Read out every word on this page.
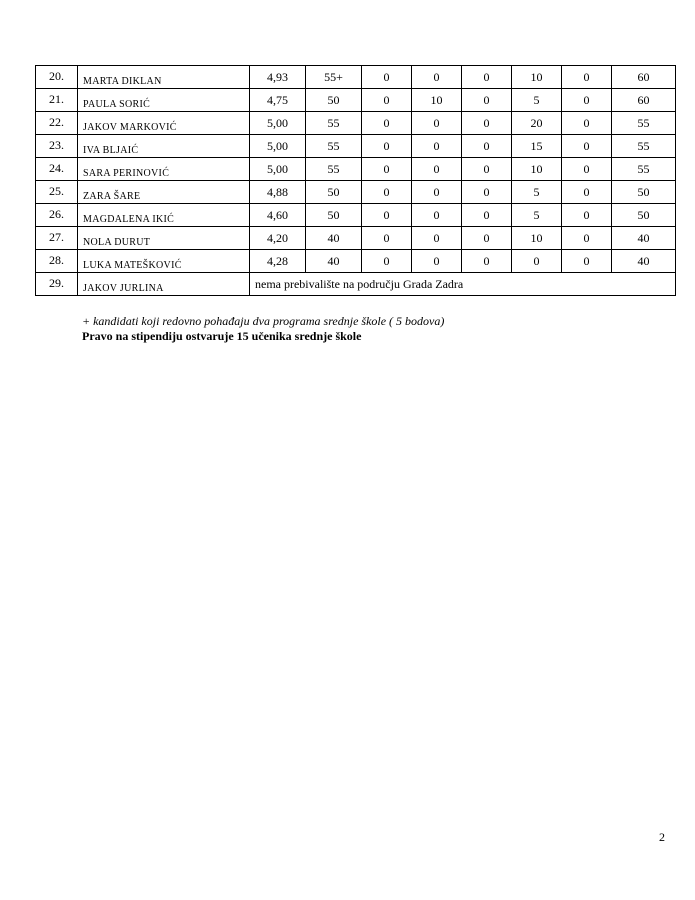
20.	MARTA DIKLAN	4,93	55+	0	0	0	10	0	60
21.	PAULA SORIĆ	4,75	50	0	10	0	5	0	60
22.	JAKOV MARKOVIĆ	5,00	55	0	0	0	20	0	55
23.	IVA BLJAIĆ	5,00	55	0	0	0	15	0	55
24.	SARA PERINOVIĆ	5,00	55	0	0	0	10	0	55
25.	ZARA ŠARE	4,88	50	0	0	0	5	0	50
26.	MAGDALENA IKIĆ	4,60	50	0	0	0	5	0	50
27.	NOLA DURUT	4,20	40	0	0	0	10	0	40
28.	LUKA MATEŠKOVIĆ	4,28	40	0	0	0	0	0	40
29.	JAKOV JURLINA	nema prebivalište na području Grada Zadra							
+ kandidati koji redovno pohađaju dva programa srednje škole ( 5 bodova)
Pravo na stipendiju ostvaruje 15 učenika srednje škole
2
